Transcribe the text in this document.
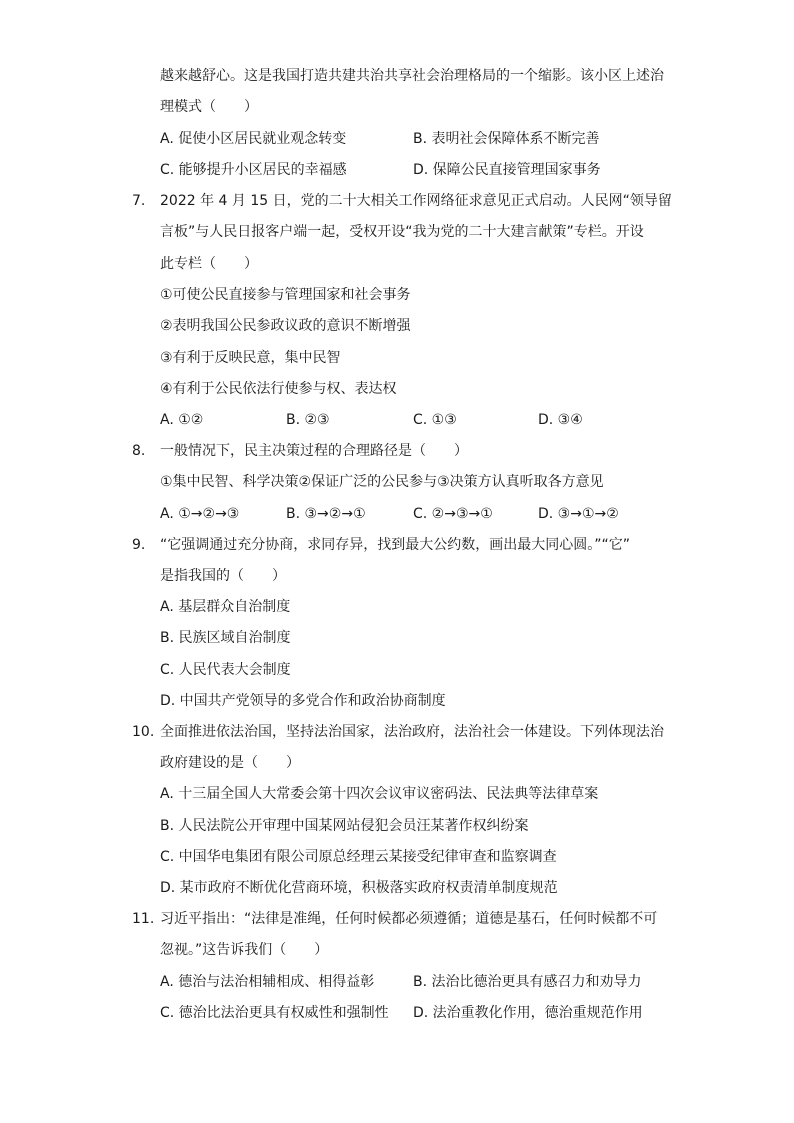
越来越舒心。这是我国打造共建共治共享社会治理格局的一个缩影。该小区上述治
理模式（　　）
A. 促使小区居民就业观念转变	B. 表明社会保障体系不断完善
C. 能够提升小区居民的幸福感	D. 保障公民直接管理国家事务
7. 2022 年 4 月 15 日，党的二十大相关工作网络征求意见正式启动。人民网“领导留
言板”与人民日报客户端一起，受权开设“我为党的二十大建言献策”专栏。开设
此专栏（　　）
①可使公民直接参与管理国家和社会事务
②表明我国公民参政议政的意识不断增强
③有利于反映民意，集中民智
④有利于公民依法行使参与权、表达权
A. ①②	B. ②③	C. ①③	D. ③④
8. 一般情况下，民主决策过程的合理路径是（　　）
①集中民智、科学决策②保证广泛的公民参与③决策方认真听取各方意见
A. ①→②→③	B. ③→②→①	C. ②→③→①	D. ③→①→②
9. “它强调通过充分协商，求同存异，找到最大公约数，画出最大同心圆。”“它”
是指我国的（　　）
A. 基层群众自治制度
B. 民族区域自治制度
C. 人民代表大会制度
D. 中国共产党领导的多党合作和政治协商制度
10. 全面推进依法治国，坚持法治国家，法治政府，法治社会一体建设。下列体现法治
政府建设的是（　　）
A. 十三届全国人大常委会第十四次会议审议密码法、民法典等法律草案
B. 人民法院公开审理中国某网站侵犯会员汪某著作权纠纷案
C. 中国华电集团有限公司原总经理云某接受纪律审查和监察调查
D. 某市政府不断优化营商环境，积极落实政府权责清单制度规范
11. 习近平指出：“法律是准绳，任何时候都必须遵循；道德是基石，任何时候都不可
忽视。”这告诉我们（　　）
A. 德治与法治相辅相成、相得益彰	B. 法治比德治更具有感召力和劝导力
C. 德治比法治更具有权威性和强制性 D. 法治重教化作用，德治重规范作用
